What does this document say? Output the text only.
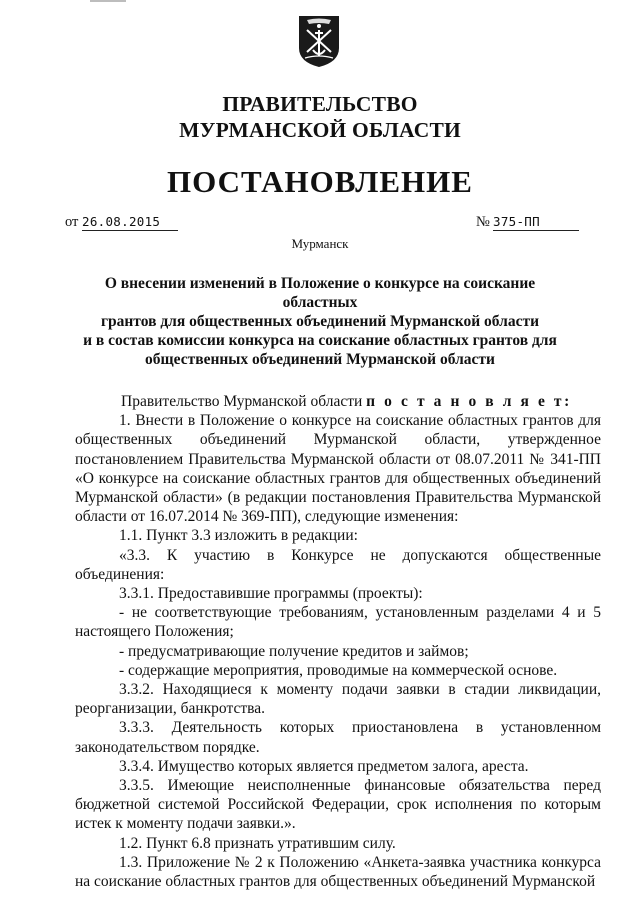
ПРАВИТЕЛЬСТВО
МУРМАНСКОЙ ОБЛАСТИ
ПОСТАНОВЛЕНИЕ
от 26.08.2015	№ 375-ПП
Мурманск
О внесении изменений в Положение о конкурсе на соискание областных
грантов для общественных объединений Мурманской области
и в состав комиссии конкурса на соискание областных грантов для
общественных объединений Мурманской области

Правительство Мурманской области п о с т а н о в л я е т:

1. Внести в Положение о конкурсе на соискание областных грантов для общественных объединений Мурманской области, утвержденное постановлением Правительства Мурманской области от 08.07.2011 № 341-ПП «О конкурсе на соискание областных грантов для общественных объединений Мурманской области» (в редакции постановления Правительства Мурманской области от 16.07.2014 № 369-ПП), следующие изменения:

1.1. Пункт 3.3 изложить в редакции:

«3.3. К участию в Конкурсе не допускаются общественные объединения:

3.3.1. Предоставившие программы (проекты):

- не соответствующие требованиям, установленным разделами 4 и 5 настоящего Положения;

- предусматривающие получение кредитов и займов;

- содержащие мероприятия, проводимые на коммерческой основе.

3.3.2. Находящиеся к моменту подачи заявки в стадии ликвидации, реорганизации, банкротства.

3.3.3. Деятельность которых приостановлена в установленном законодательством порядке.

3.3.4. Имущество которых является предметом залога, ареста.

3.3.5. Имеющие неисполненные финансовые обязательства перед бюджетной системой Российской Федерации, срок исполнения по которым истек к моменту подачи заявки.».

1.2. Пункт 6.8 признать утратившим силу.

1.3. Приложение № 2 к Положению «Анкета-заявка участника конкурса на соискание областных грантов для общественных объединений Мурманской
